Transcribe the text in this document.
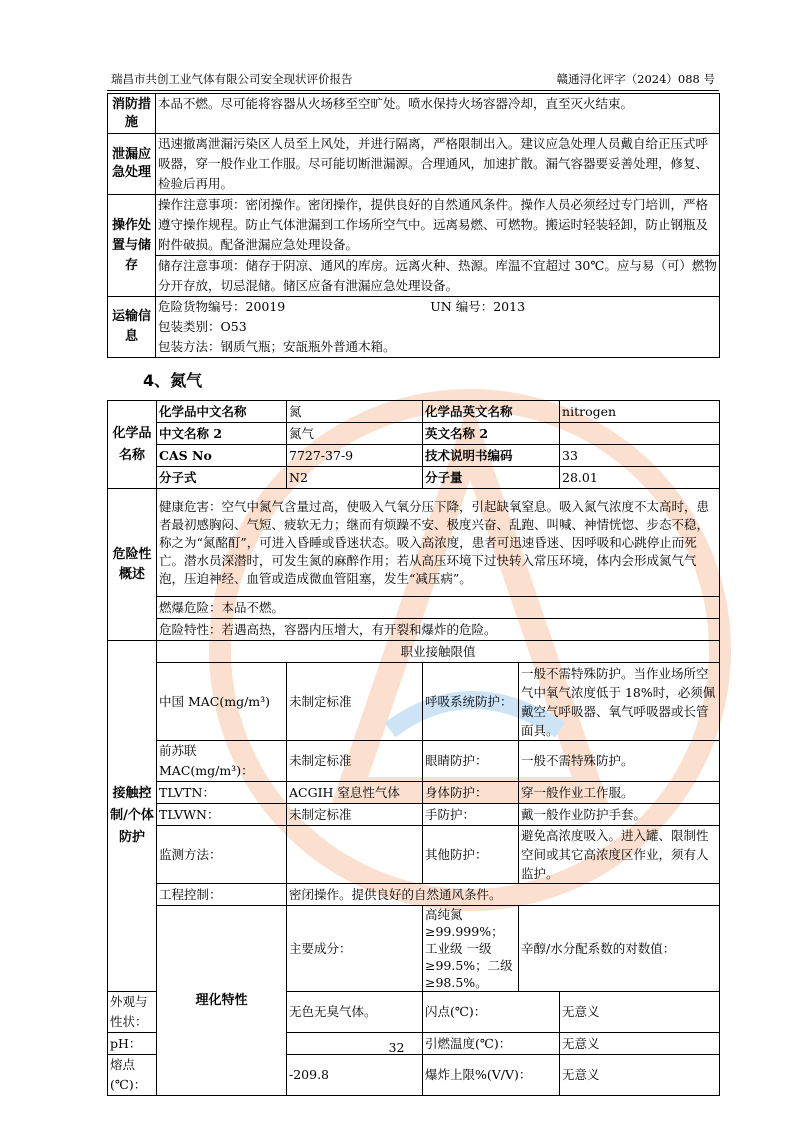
瑞昌市共创工业气体有限公司安全现状评价报告	赣通浔化评字（2024）088 号
消防措施	本品不燃。尽可能将容器从火场移至空旷处。喷水保持火场容器冷却，直至灭火结束。
泄漏应急处理	迅速撤离泄漏污染区人员至上风处，并进行隔离，严格限制出入。建议应急处理人员戴自给正压式呼吸器，穿一般作业工作服。尽可能切断泄漏源。合理通风，加速扩散。漏气容器要妥善处理，修复、检验后再用。
操作处置与储存	操作注意事项：密闭操作。密闭操作，提供良好的自然通风条件。操作人员必须经过专门培训，严格遵守操作规程。防止气体泄漏到工作场所空气中。远离易燃、可燃物。搬运时轻装轻卸，防止钢瓶及附件破损。配备泄漏应急处理设备。
	储存注意事项：储存于阴凉、通风的库房。远离火种、热源。库温不宜超过 30℃。应与易（可）燃物分开存放，切忌混储。储区应备有泄漏应急处理设备。
运输信息	危险货物编号：20019 UN 编号：2013
包装类别：O53
包装方法：钢质气瓶；安瓿瓶外普通木箱。
4、氮气
化学品名称	化学品中文名称	氮	化学品英文名称		nitrogen	
	中文名称 2	氮气	英文名称 2			
	CAS No	7727-37-9	技术说明书编码		33	
	分子式	N2	分子量		28.01	
危险性概述	健康危害：空气中氮气含量过高，使吸入气氧分压下降，引起缺氧窒息。吸入氮气浓度不太高时，患者最初感胸闷、气短、疲软无力；继而有烦躁不安、极度兴奋、乱跑、叫喊、神情恍惚、步态不稳，称之为“氮酩酊”，可进入昏睡或昏迷状态。吸入高浓度，患者可迅速昏迷、因呼吸和心跳停止而死亡。潜水员深潜时，可发生氮的麻醉作用；若从高压环境下过快转入常压环境，体内会形成氮气气泡，压迫神经、血管或造成微血管阻塞，发生“减压病”。					
	燃爆危险：本品不燃。					
	危险特性：若遇高热，容器内压增大，有开裂和爆炸的危险。					
接触控制/个体防护	职业接触限值					
	中国 MAC(mg/m³)	未制定标准	呼吸系统防护：	一般不需特殊防护。当作业场所空气中氧气浓度低于 18%时，必须佩戴空气呼吸器、氧气呼吸器或长管面具。		
	前苏联MAC(mg/m³)：	未制定标准	眼睛防护：	一般不需特殊防护。		
	TLVTN：	ACGIH 窒息性气体	身体防护：	穿一般作业工作服。		
	TLVWN：	未制定标准	手防护：	戴一般作业防护手套。		
	监测方法：		其他防护：	避免高浓度吸入。进入罐、限制性空间或其它高浓度区作业，须有人监护。		
	工程控制：	密闭操作。提供良好的自然通风条件。				
	理化特性	主要成分：	高纯氮≥99.999%；工业级 一级≥99.5%；二级≥98.5%。	辛醇/水分配系数的对数值：	
外观与性状：		无色无臭气体。	闪点(℃)：		无意义	
pH：			引燃温度(℃)：		无意义	
熔点(℃)：		-209.8	爆炸上限%(V/V)：		无意义	
32
